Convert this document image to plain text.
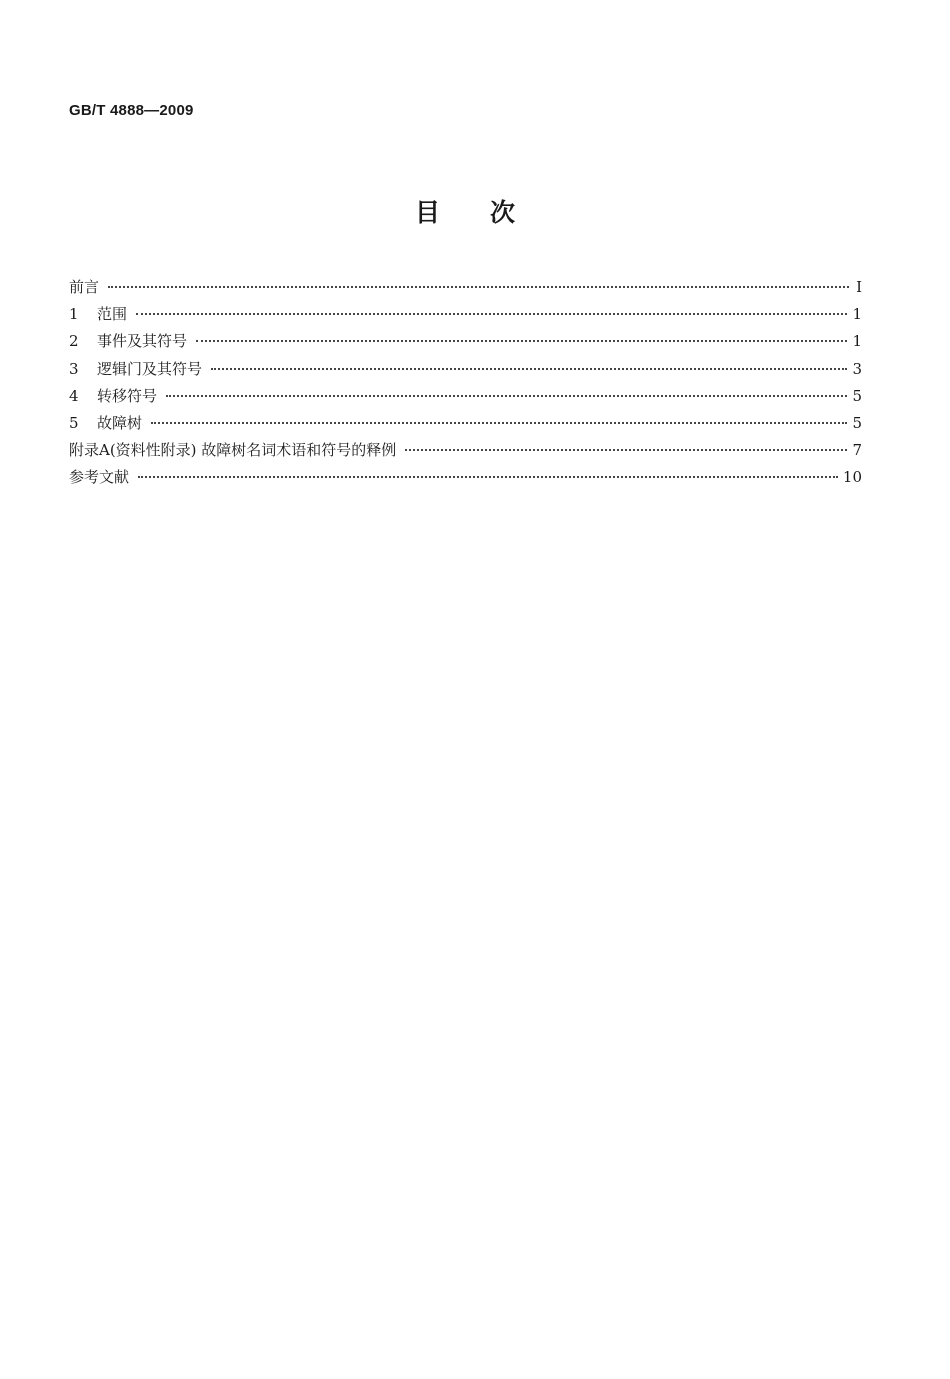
GB/T 4888—2009
目次
前言	I
1	范围	1
2	事件及其符号	1
3	逻辑门及其符号	3
4	转移符号	5
5	故障树	5
附录A(资料性附录) 故障树名词术语和符号的释例	7
参考文献	10
